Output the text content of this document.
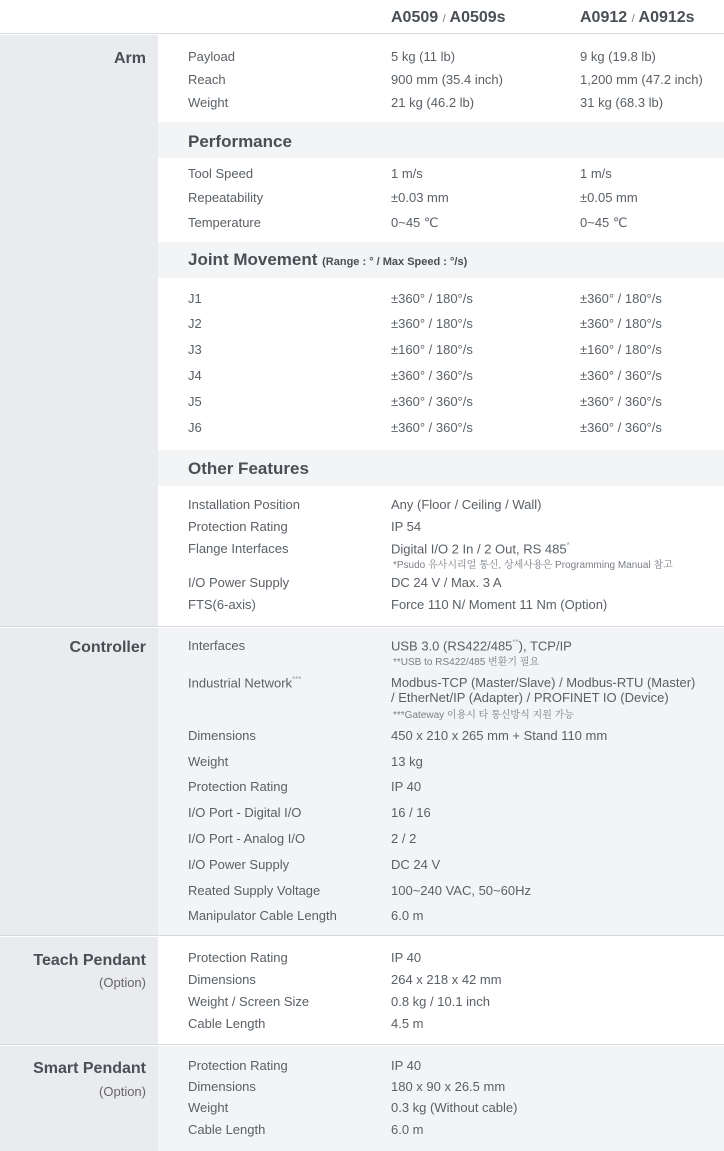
A0509 / A0509s	A0912 / A0912s
Arm
Controller
Teach Pendant
(Option)
Smart Pendant
(Option)
Performance
Joint Movement (Range : ° / Max Speed : °/s)
Other Features
Payload	5 kg (11 lb)	9 kg (19.8 lb)
Reach	900 mm (35.4 inch)	1,200 mm (47.2 inch)
Weight	21 kg (46.2 lb)	31 kg (68.3 lb)
Tool Speed	1 m/s	1 m/s
Repeatability	±0.03 mm	±0.05 mm
Temperature	0~45 ℃	0~45 ℃
J1	±360° / 180°/s	±360° / 180°/s
J2	±360° / 180°/s	±360° / 180°/s
J3	±160° / 180°/s	±160° / 180°/s
J4	±360° / 360°/s	±360° / 360°/s
J5	±360° / 360°/s	±360° / 360°/s
J6	±360° / 360°/s	±360° / 360°/s
Installation Position	Any (Floor / Ceiling / Wall)
Protection Rating	IP 54
Flange Interfaces	Digital I/O 2 In / 2 Out, RS 485*
*Psudo 유사시리얼 통신, 상세사용은 Programming Manual 참고
I/O Power Supply	DC 24 V / Max. 3 A
FTS(6-axis)	Force 110 N/ Moment 11 Nm (Option)
Interfaces	USB 3.0 (RS422/485**), TCP/IP
**USB to RS422/485 변환기 필요
Industrial Network***	Modbus-TCP (Master/Slave) / Modbus-RTU (Master)
/ EtherNet/IP (Adapter) / PROFINET IO (Device)
***Gateway 이용시 타 통신방식 지원 가능
Dimensions	450 x 210 x 265 mm + Stand 110 mm
Weight	13 kg
Protection Rating	IP 40
I/O Port - Digital I/O	16 / 16
I/O Port - Analog I/O	2 / 2
I/O Power Supply	DC 24 V
Reated Supply Voltage	100~240 VAC, 50~60Hz
Manipulator Cable Length	6.0 m
Protection Rating	IP 40
Dimensions	264 x 218 x 42 mm
Weight / Screen Size	0.8 kg / 10.1 inch
Cable Length	4.5 m
Protection Rating	IP 40
Dimensions	180 x 90 x 26.5 mm
Weight	0.3 kg (Without cable)
Cable Length	6.0 m
